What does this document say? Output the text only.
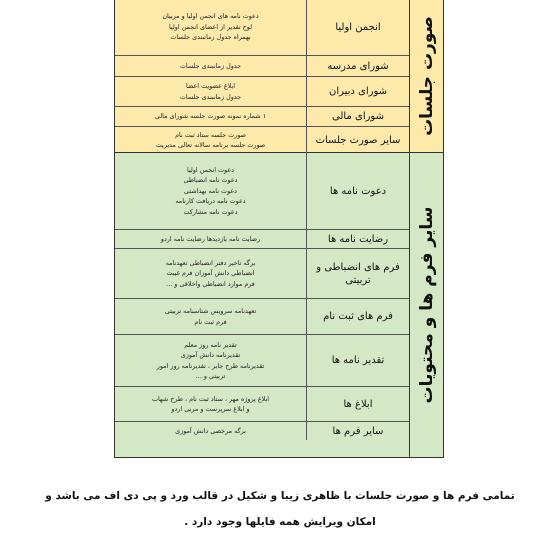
صورت جلسات
انجمن اولیا
دعوت نامه های انجمن اولیا و مربیان
لوح تقدیر از اعضای انجمن اولیا
بهمراه جدول زمانبندی جلسات
شورای مدرسه
جدول زمانبندی جلسات
شورای دبیران
ابلاغ عضویت اعضا
جدول زمانبندی جلسات
شورای مالی
۱ شماره نمونه صورت جلسه شورای مالی
سایر صورت جلسات
صورت جلسه ستاد ثبت نام
صورت جلسه برنامه سالانه تعالی مدیریت
سایر فرم ها و محتویات
دعوت نامه ها
دعوت انجمن اولیا
دعوت نامه انضباطی
دعوت نامه بهداشتی
دعوت نامه دریافت کارنامه
دعوت نامه مشارکت
رضایت نامه ها
رضایت نامه بازدیدها رضایت نامه اردو
فرم های انضباطی و تربیتی
برگه تاخیر دفتر انضباطی تعهدنامه
انضباطی دانش آموزان فرم غیبت
فرم موارد انضباطی واخلاقی و ...
فرم های ثبت نام
تعهدنامه سرویس شناسنامه تربیتی
فرم ثبت نام
تقدیر نامه ها
تقدیر نامه روز معلم
تقدیرنامه دانش آموزی
تقدیرنامه طرح جابر ، تقدیرنامه روز امور
تربیتی و ...
ابلاغ ها
ابلاغ پروژه مهر ، ستاد ثبت نام ، طرح شهاب
و ابلاغ سرپرست و مربی اردو
سایر فرم ها
برگه مرخصی دانش آموزی
تمامی فرم ها و صورت جلسات با ظاهری زیبا و شکیل در قالب ورد و پی دی اف می باشد و
امکان ویرایش همه فایلها وجود دارد .
